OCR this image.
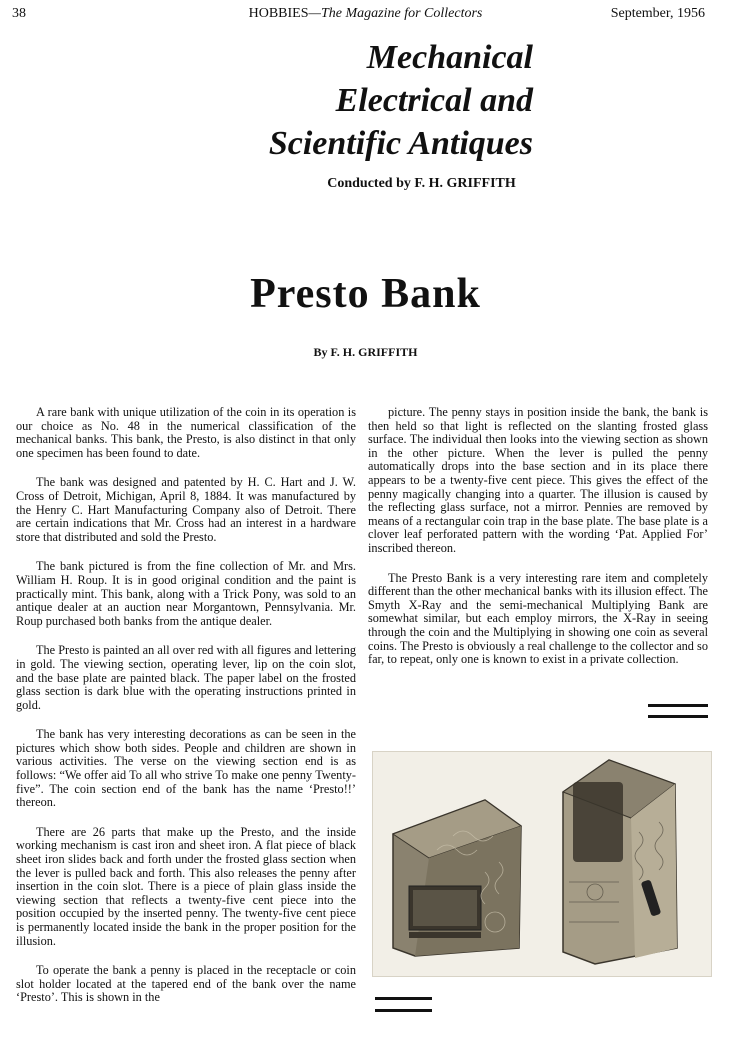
38	HOBBIES—The Magazine for Collectors	September, 1956
Mechanical
Electrical and
Scientific Antiques
Conducted by F. H. GRIFFITH
Presto Bank
By F. H. GRIFFITH

A rare bank with unique utilization of the coin in its operation is our choice as No. 48 in the numerical classification of the mechanical banks. This bank, the Presto, is also distinct in that only one specimen has been found to date.

The bank was designed and patented by H. C. Hart and J. W. Cross of Detroit, Michigan, April 8, 1884. It was manufactured by the Henry C. Hart Manufacturing Company also of Detroit. There are certain indications that Mr. Cross had an interest in a hardware store that distributed and sold the Presto.

The bank pictured is from the fine collection of Mr. and Mrs. William H. Roup. It is in good original condition and the paint is practically mint. This bank, along with a Trick Pony, was sold to an antique dealer at an auction near Morgantown, Pennsylvania. Mr. Roup purchased both banks from the antique dealer.

The Presto is painted an all over red with all figures and lettering in gold. The viewing section, operating lever, lip on the coin slot, and the base plate are painted black. The paper label on the frosted glass section is dark blue with the operating instructions printed in gold.

The bank has very interesting decorations as can be seen in the pictures which show both sides. People and children are shown in various activities. The verse on the viewing section end is as follows: “We offer aid To all who strive To make one penny Twenty-five”. The coin section end of the bank has the name ‘Presto!!’ thereon.

There are 26 parts that make up the Presto, and the inside working mechanism is cast iron and sheet iron. A flat piece of black sheet iron slides back and forth under the frosted glass section when the lever is pulled back and forth. This also releases the penny after insertion in the coin slot. There is a piece of plain glass inside the viewing section that reflects a twenty-five cent piece into the position occupied by the inserted penny. The twenty-five cent piece is permanently located inside the bank in the proper position for the illusion.

To operate the bank a penny is placed in the receptacle or coin slot holder located at the tapered end of the bank over the name ‘Presto’. This is shown in the

picture. The penny stays in position inside the bank, the bank is then held so that light is reflected on the slanting frosted glass surface. The individual then looks into the viewing section as shown in the other picture. When the lever is pulled the penny automatically drops into the base section and in its place there appears to be a twenty-five cent piece. This gives the effect of the penny magically changing into a quarter. The illusion is caused by the reflecting glass surface, not a mirror. Pennies are removed by means of a rectangular coin trap in the base plate. The base plate is a clover leaf perforated pattern with the wording ‘Pat. Applied For’ inscribed thereon.

The Presto Bank is a very interesting rare item and completely different than the other mechanical banks with its illusion effect. The Smyth X-Ray and the semi-mechanical Multiplying Bank are somewhat similar, but each employ mirrors, the X-Ray in seeing through the coin and the Multiplying in showing one coin as several coins. The Presto is obviously a real challenge to the collector and so far, to repeat, only one is known to exist in a private collection.
